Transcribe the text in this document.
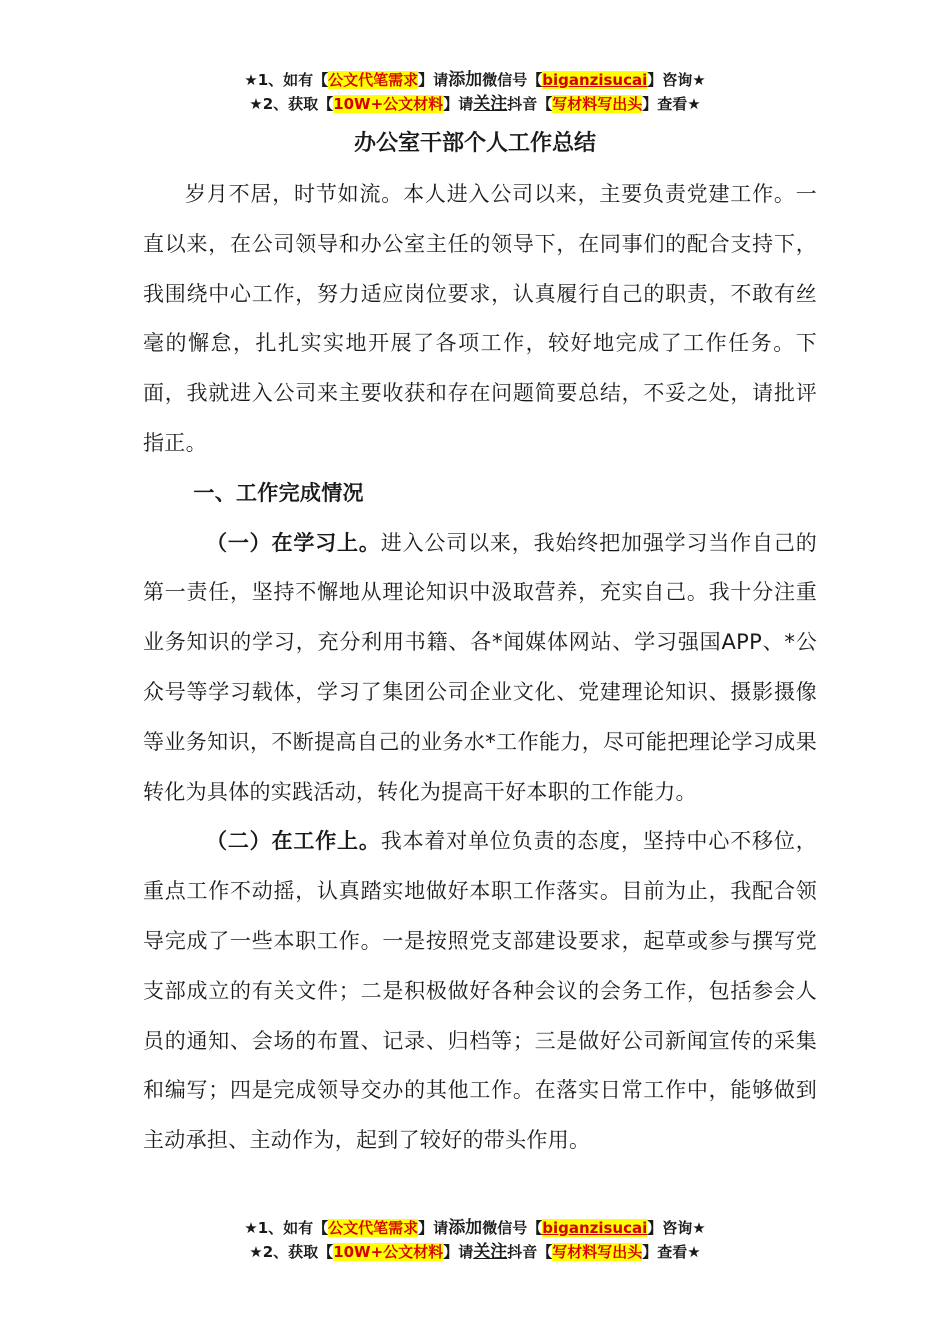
★1、如有【公文代笔需求】请添加微信号【biganzisucai】咨询★
★2、获取【10W+公文材料】请关注抖音【写材料写出头】查看★
办公室干部个人工作总结

岁月不居，时节如流。本人进入公司以来，主要负责党建工作。一直以来，在公司领导和办公室主任的领导下，在同事们的配合支持下，我围绕中心工作，努力适应岗位要求，认真履行自己的职责，不敢有丝毫的懈怠，扎扎实实地开展了各项工作，较好地完成了工作任务。下面，我就进入公司来主要收获和存在问题简要总结，不妥之处，请批评指正。

一、工作完成情况

（一）在学习上。进入公司以来，我始终把加强学习当作自己的第一责任，坚持不懈地从理论知识中汲取营养，充实自己。我十分注重业务知识的学习，充分利用书籍、各*闻媒体网站、学习强国APP、*公众号等学习载体，学习了集团公司企业文化、党建理论知识、摄影摄像等业务知识，不断提高自己的业务水*工作能力，尽可能把理论学习成果转化为具体的实践活动，转化为提高干好本职的工作能力。

（二）在工作上。我本着对单位负责的态度，坚持中心不移位，重点工作不动摇，认真踏实地做好本职工作落实。目前为止，我配合领导完成了一些本职工作。一是按照党支部建设要求，起草或参与撰写党支部成立的有关文件；二是积极做好各种会议的会务工作，包括参会人员的通知、会场的布置、记录、归档等；三是做好公司新闻宣传的采集和编写；四是完成领导交办的其他工作。在落实日常工作中，能够做到主动承担、主动作为，起到了较好的带头作用。

★1、如有【公文代笔需求】请添加微信号【biganzisucai】咨询★
★2、获取【10W+公文材料】请关注抖音【写材料写出头】查看★
